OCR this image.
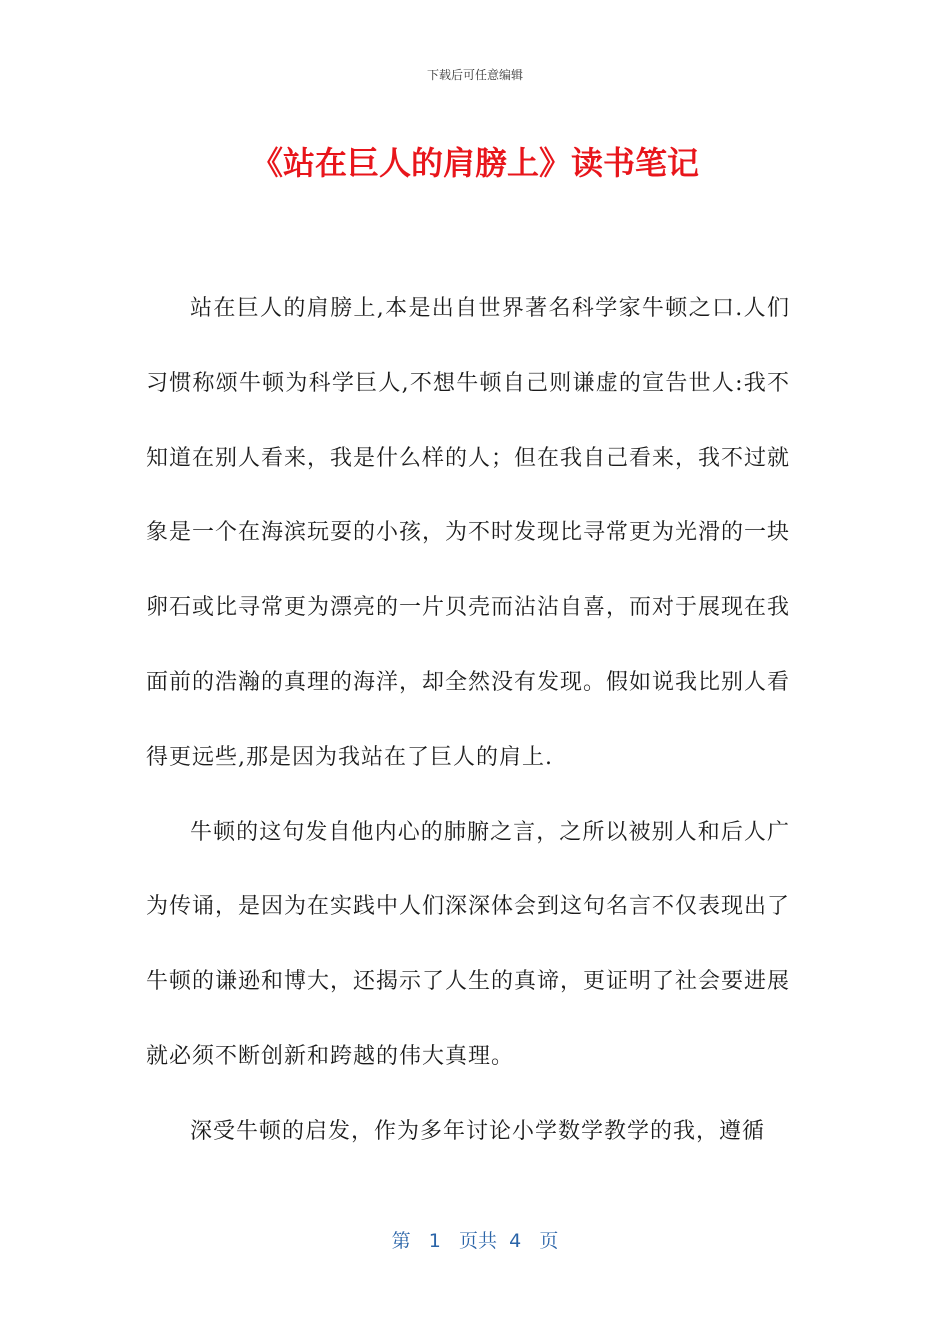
下载后可任意编辑
《站在巨人的肩膀上》读书笔记

站在巨人的肩膀上,本是出自世界著名科学家牛顿之口.人们习惯称颂牛顿为科学巨人,不想牛顿自己则谦虚的宣告世人:我不知道在别人看来，我是什么样的人；但在我自己看来，我不过就象是一个在海滨玩耍的小孩，为不时发现比寻常更为光滑的一块卵石或比寻常更为漂亮的一片贝壳而沾沾自喜，而对于展现在我面前的浩瀚的真理的海洋，却全然没有发现。假如说我比别人看得更远些,那是因为我站在了巨人的肩上.

牛顿的这句发自他内心的肺腑之言，之所以被别人和后人广为传诵，是因为在实践中人们深深体会到这句名言不仅表现出了牛顿的谦逊和博大，还揭示了人生的真谛，更证明了社会要进展就必须不断创新和跨越的伟大真理。

深受牛顿的启发，作为多年讨论小学数学教学的我，遵循

第 1 页共 4 页
